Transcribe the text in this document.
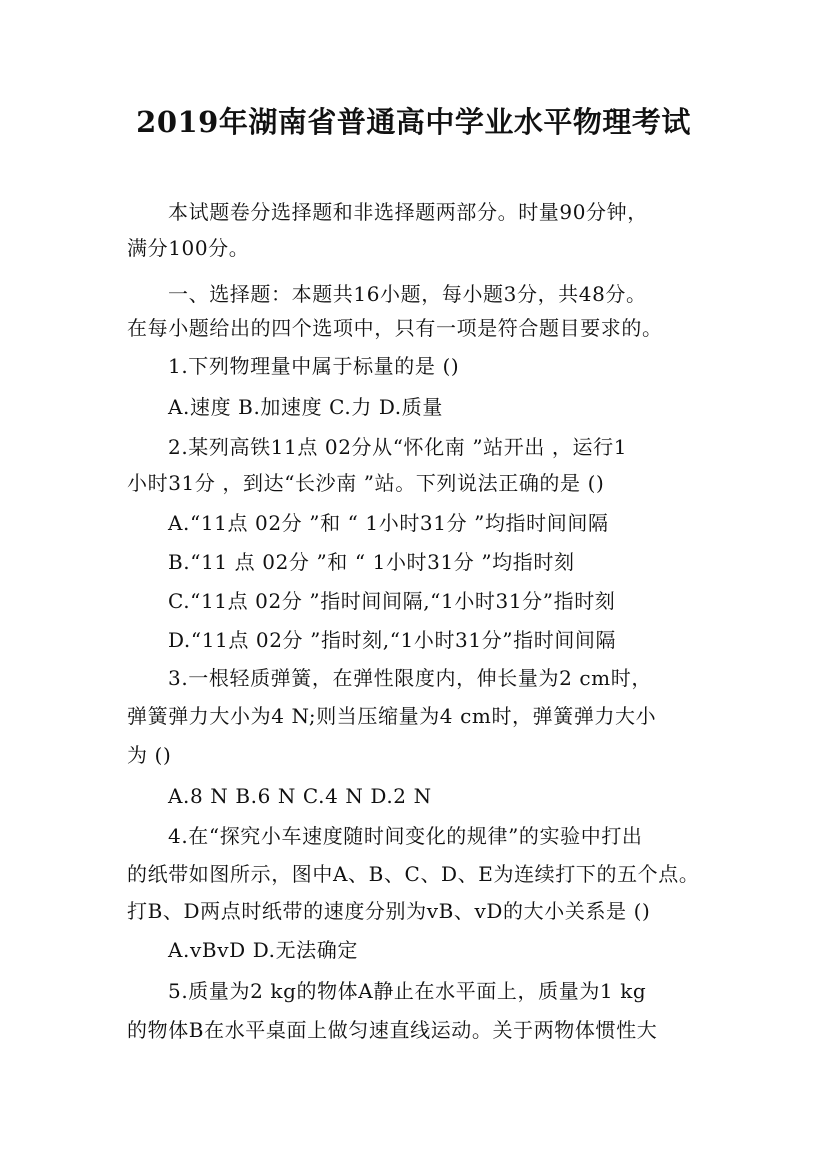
2019年湖南省普通高中学业水平物理考试
本试题卷分选择题和非选择题两部分。时量90分钟，
满分100分。
一、选择题：本题共16小题，每小题3分，共48分。
在每小题给出的四个选项中，只有一项是符合题目要求的。
1.下列物理量中属于标量的是 ()
A.速度 B.加速度 C.力 D.质量
2.某列高铁11点 02分从“怀化南 ”站开出 ，运行1
小时31分 ，到达“长沙南 ”站。下列说法正确的是 ()
A.“11点 02分 ”和 “ 1小时31分 ”均指时间间隔
B.“11 点 02分 ”和 “ 1小时31分 ”均指时刻
C.“11点 02分 ”指时间间隔,“1小时31分”指时刻
D.“11点 02分 ”指时刻,“1小时31分”指时间间隔
3.一根轻质弹簧，在弹性限度内，伸长量为2 cm时，
弹簧弹力大小为4 N;则当压缩量为4 cm时，弹簧弹力大小
为 ()
A.8 N B.6 N C.4 N D.2 N
4.在“探究小车速度随时间变化的规律”的实验中打出
的纸带如图所示，图中A、B、C、D、E为连续打下的五个点。
打B、D两点时纸带的速度分别为vB、vD的大小关系是 ()
A.vBvD D.无法确定
5.质量为2 kg的物体A静止在水平面上，质量为1 kg
的物体B在水平桌面上做匀速直线运动。关于两物体惯性大
